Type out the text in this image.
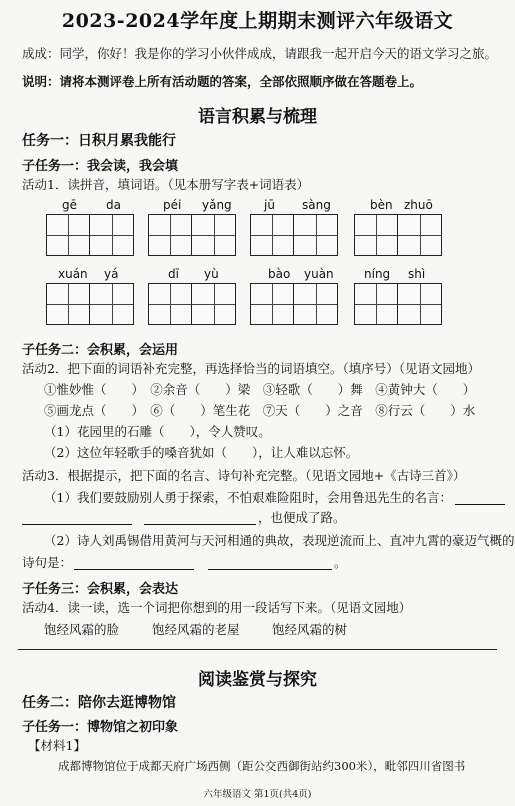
2023-2024学年度上期期末测评六年级语文
成成：同学，你好！我是你的学习小伙伴成成，请跟我一起开启今天的语文学习之旅。
说明：请将本测评卷上所有活动题的答案，全部依照顺序做在答题卷上。
语言积累与梳理
任务一：日积月累我能行
子任务一：我会读，我会填
活动1．读拼音，填词语。（见本册写字表+词语表）
gē da	péi yǎng	jū sàng	bèn zhuō
xuán yá	dī yù	bào yuàn	níng shì
子任务二：会积累，会运用
活动2．把下面的词语补充完整，再选择恰当的词语填空。（填序号）（见语文园地）
①惟妙惟（　　）　②余音（　　）梁　③轻歌（　　）舞　④黄钟大（　　）
⑤画龙点（　　）　⑥（　　）笔生花　⑦天（　　）之音　⑧行云（　　）水
（1）花园里的石雕（　　），令人赞叹。
（2）这位年轻歌手的嗓音犹如（　　），让人难以忘怀。
活动3．根据提示，把下面的名言、诗句补充完整。（见语文园地+《古诗三首》）
（1）我们要鼓励别人勇于探索，不怕艰难险阻时，会用鲁迅先生的名言：
，也便成了路。
（2）诗人刘禹锡借用黄河与天河相通的典故，表现逆流而上、直冲九霄的豪迈气概的
诗句是：	。
子任务三：会积累，会表达
活动4．读一读，选一个词把你想到的用一段话写下来。（见语文园地）
饱经风霜的脸	饱经风霜的老屋	饱经风霜的树
阅读鉴赏与探究
任务二：陪你去逛博物馆
子任务一：博物馆之初印象
【材料1】
成都博物馆位于成都天府广场西侧（距公交西御街站约300米），毗邻四川省图书
六年级语文 第1页(共4页)
